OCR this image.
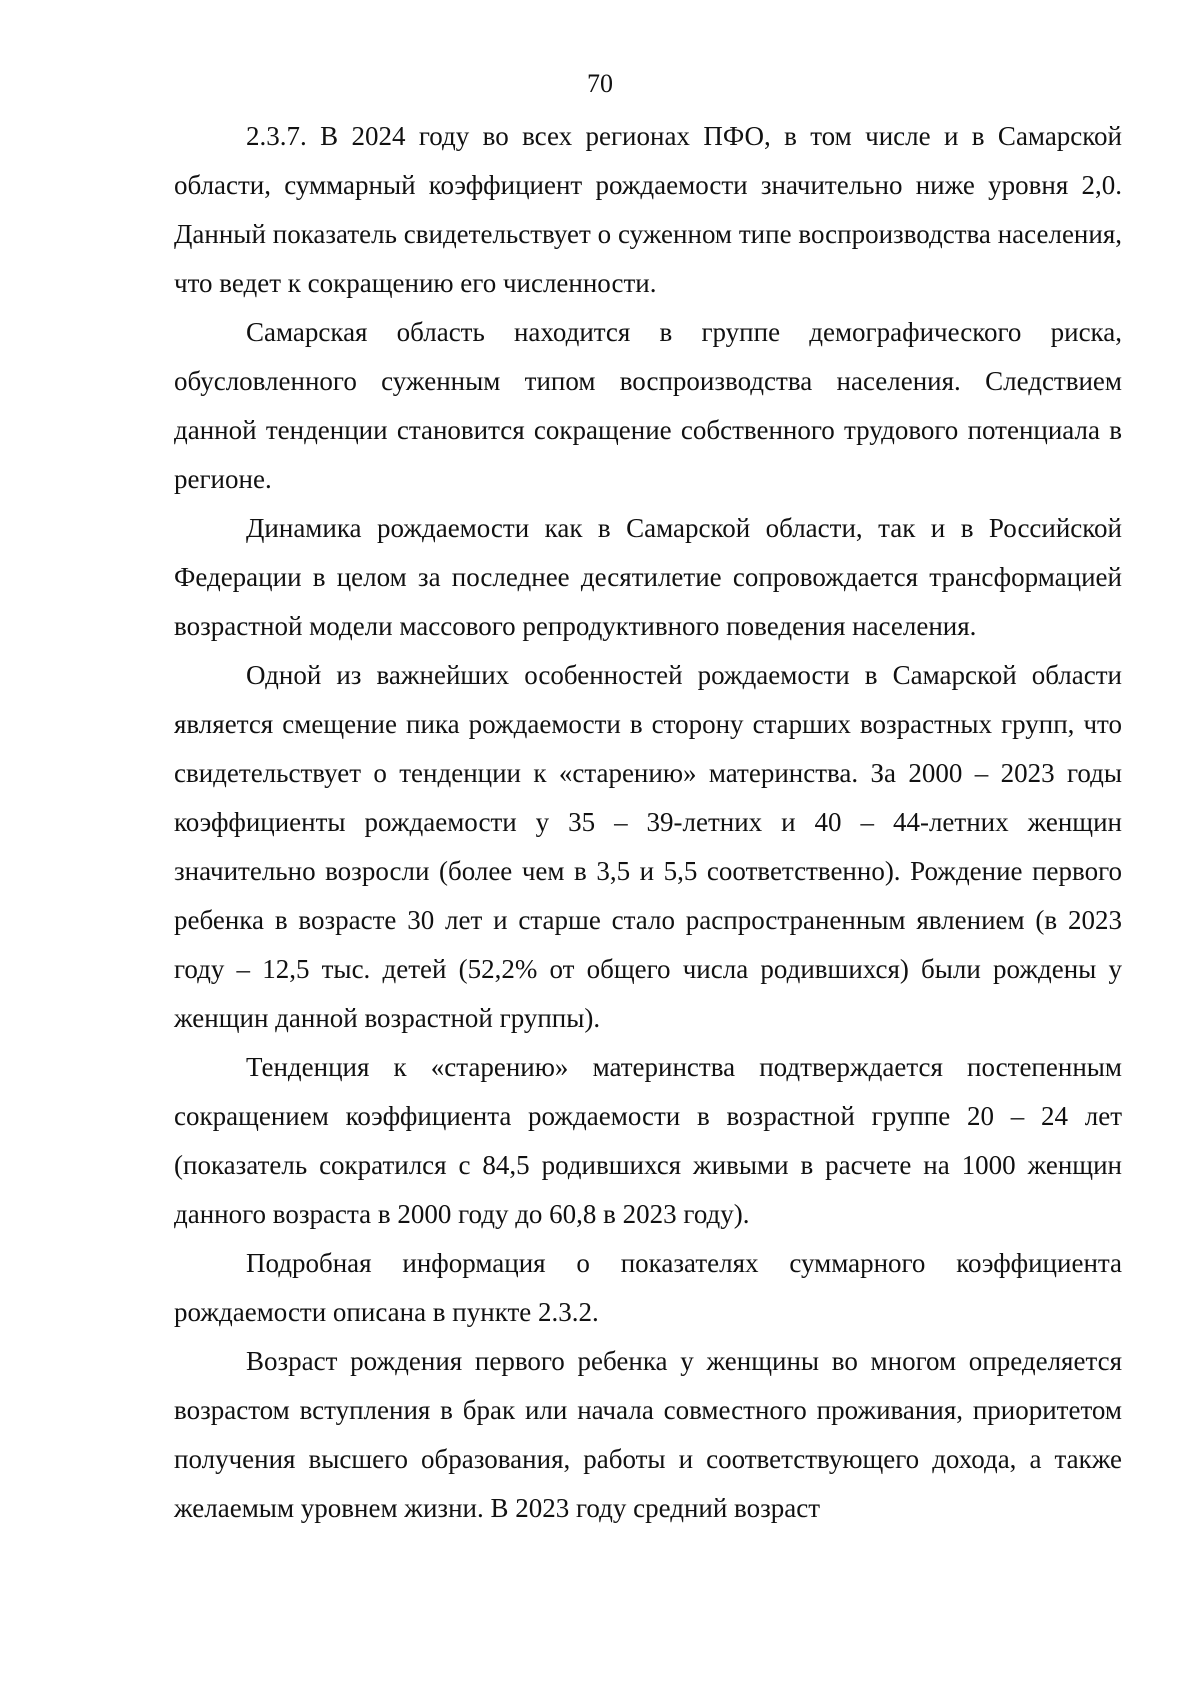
70

2.3.7. В 2024 году во всех регионах ПФО, в том числе и в Самарской области, суммарный коэффициент рождаемости значительно ниже уровня 2,0. Данный показатель свидетельствует о суженном типе воспроизводства населения, что ведет к сокращению его численности.

Самарская область находится в группе демографического риска, обусловленного суженным типом воспроизводства населения. Следствием данной тенденции становится сокращение собственного трудового потенциала в регионе.

Динамика рождаемости как в Самарской области, так и в Российской Федерации в целом за последнее десятилетие сопровождается трансформацией возрастной модели массового репродуктивного поведения населения.

Одной из важнейших особенностей рождаемости в Самарской области является смещение пика рождаемости в сторону старших возрастных групп, что свидетельствует о тенденции к «старению» материнства. За 2000 – 2023 годы коэффициенты рождаемости у 35 – 39-летних и 40 – 44-летних женщин значительно возросли (более чем в 3,5 и 5,5 соответственно). Рождение первого ребенка в возрасте 30 лет и старше стало распространенным явлением (в 2023 году – 12,5 тыс. детей (52,2% от общего числа родившихся) были рождены у женщин данной возрастной группы).

Тенденция к «старению» материнства подтверждается постепенным сокращением коэффициента рождаемости в возрастной группе 20 – 24 лет (показатель сократился с 84,5 родившихся живыми в расчете на 1000 женщин данного возраста в 2000 году до 60,8 в 2023 году).

Подробная информация о показателях суммарного коэффициента рождаемости описана в пункте 2.3.2.

Возраст рождения первого ребенка у женщины во многом определяется возрастом вступления в брак или начала совместного проживания, приоритетом получения высшего образования, работы и соответствующего дохода, а также желаемым уровнем жизни. В 2023 году средний возраст
